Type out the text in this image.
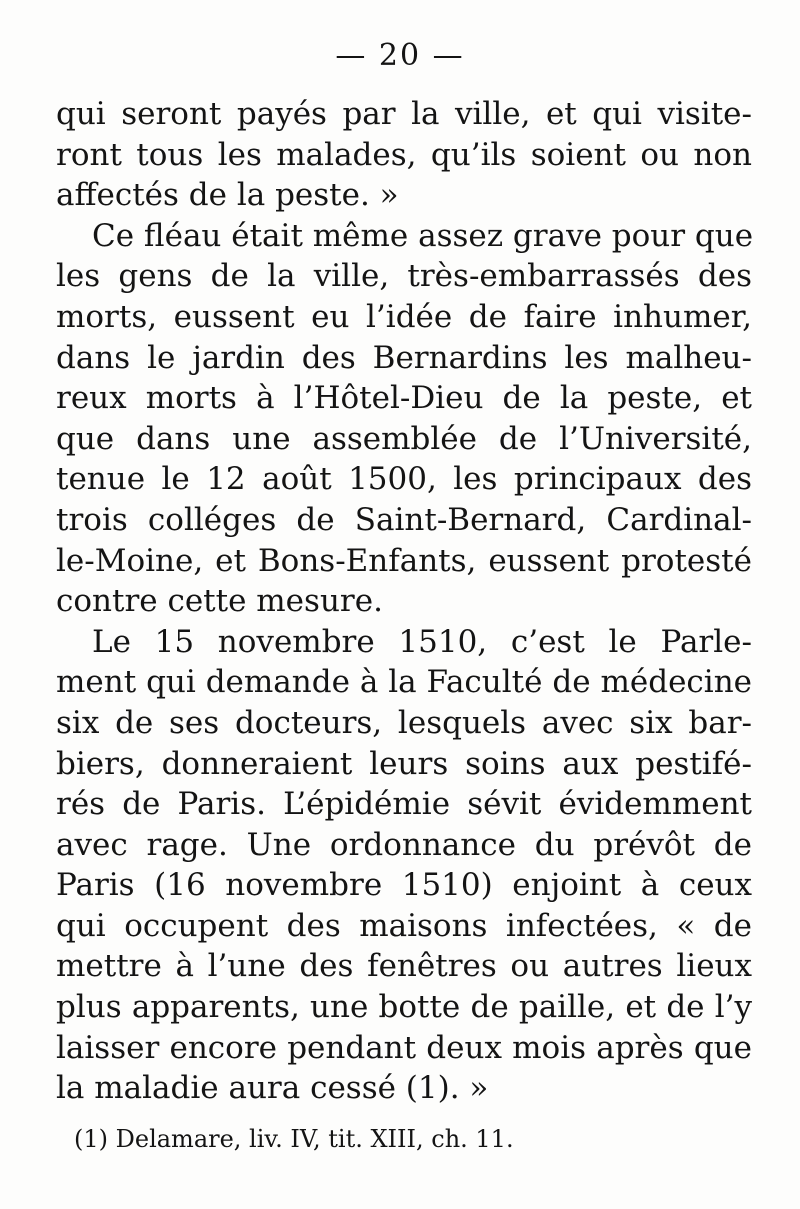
— 20 —
qui seront payés par la ville, et qui visite-
ront tous les malades, qu’ils soient ou non
affectés de la peste. »
Ce fléau était même assez grave pour que
les gens de la ville, très-embarrassés des
morts, eussent eu l’idée de faire inhumer,
dans le jardin des Bernardins les malheu-
reux morts à l’Hôtel-Dieu de la peste, et
que dans une assemblée de l’Université,
tenue le 12 août 1500, les principaux des
trois colléges de Saint-Bernard, Cardinal-
le-Moine, et Bons-Enfants, eussent protesté
contre cette mesure.
Le 15 novembre 1510, c’est le Parle-
ment qui demande à la Faculté de médecine
six de ses docteurs, lesquels avec six bar-
biers, donneraient leurs soins aux pestifé-
rés de Paris. L’épidémie sévit évidemment
avec rage. Une ordonnance du prévôt de
Paris (16 novembre 1510) enjoint à ceux
qui occupent des maisons infectées, « de
mettre à l’une des fenêtres ou autres lieux
plus apparents, une botte de paille, et de l’y
laisser encore pendant deux mois après que
la maladie aura cessé (1). »
(1) Delamare, liv. IV, tit. XIII, ch. 11.
